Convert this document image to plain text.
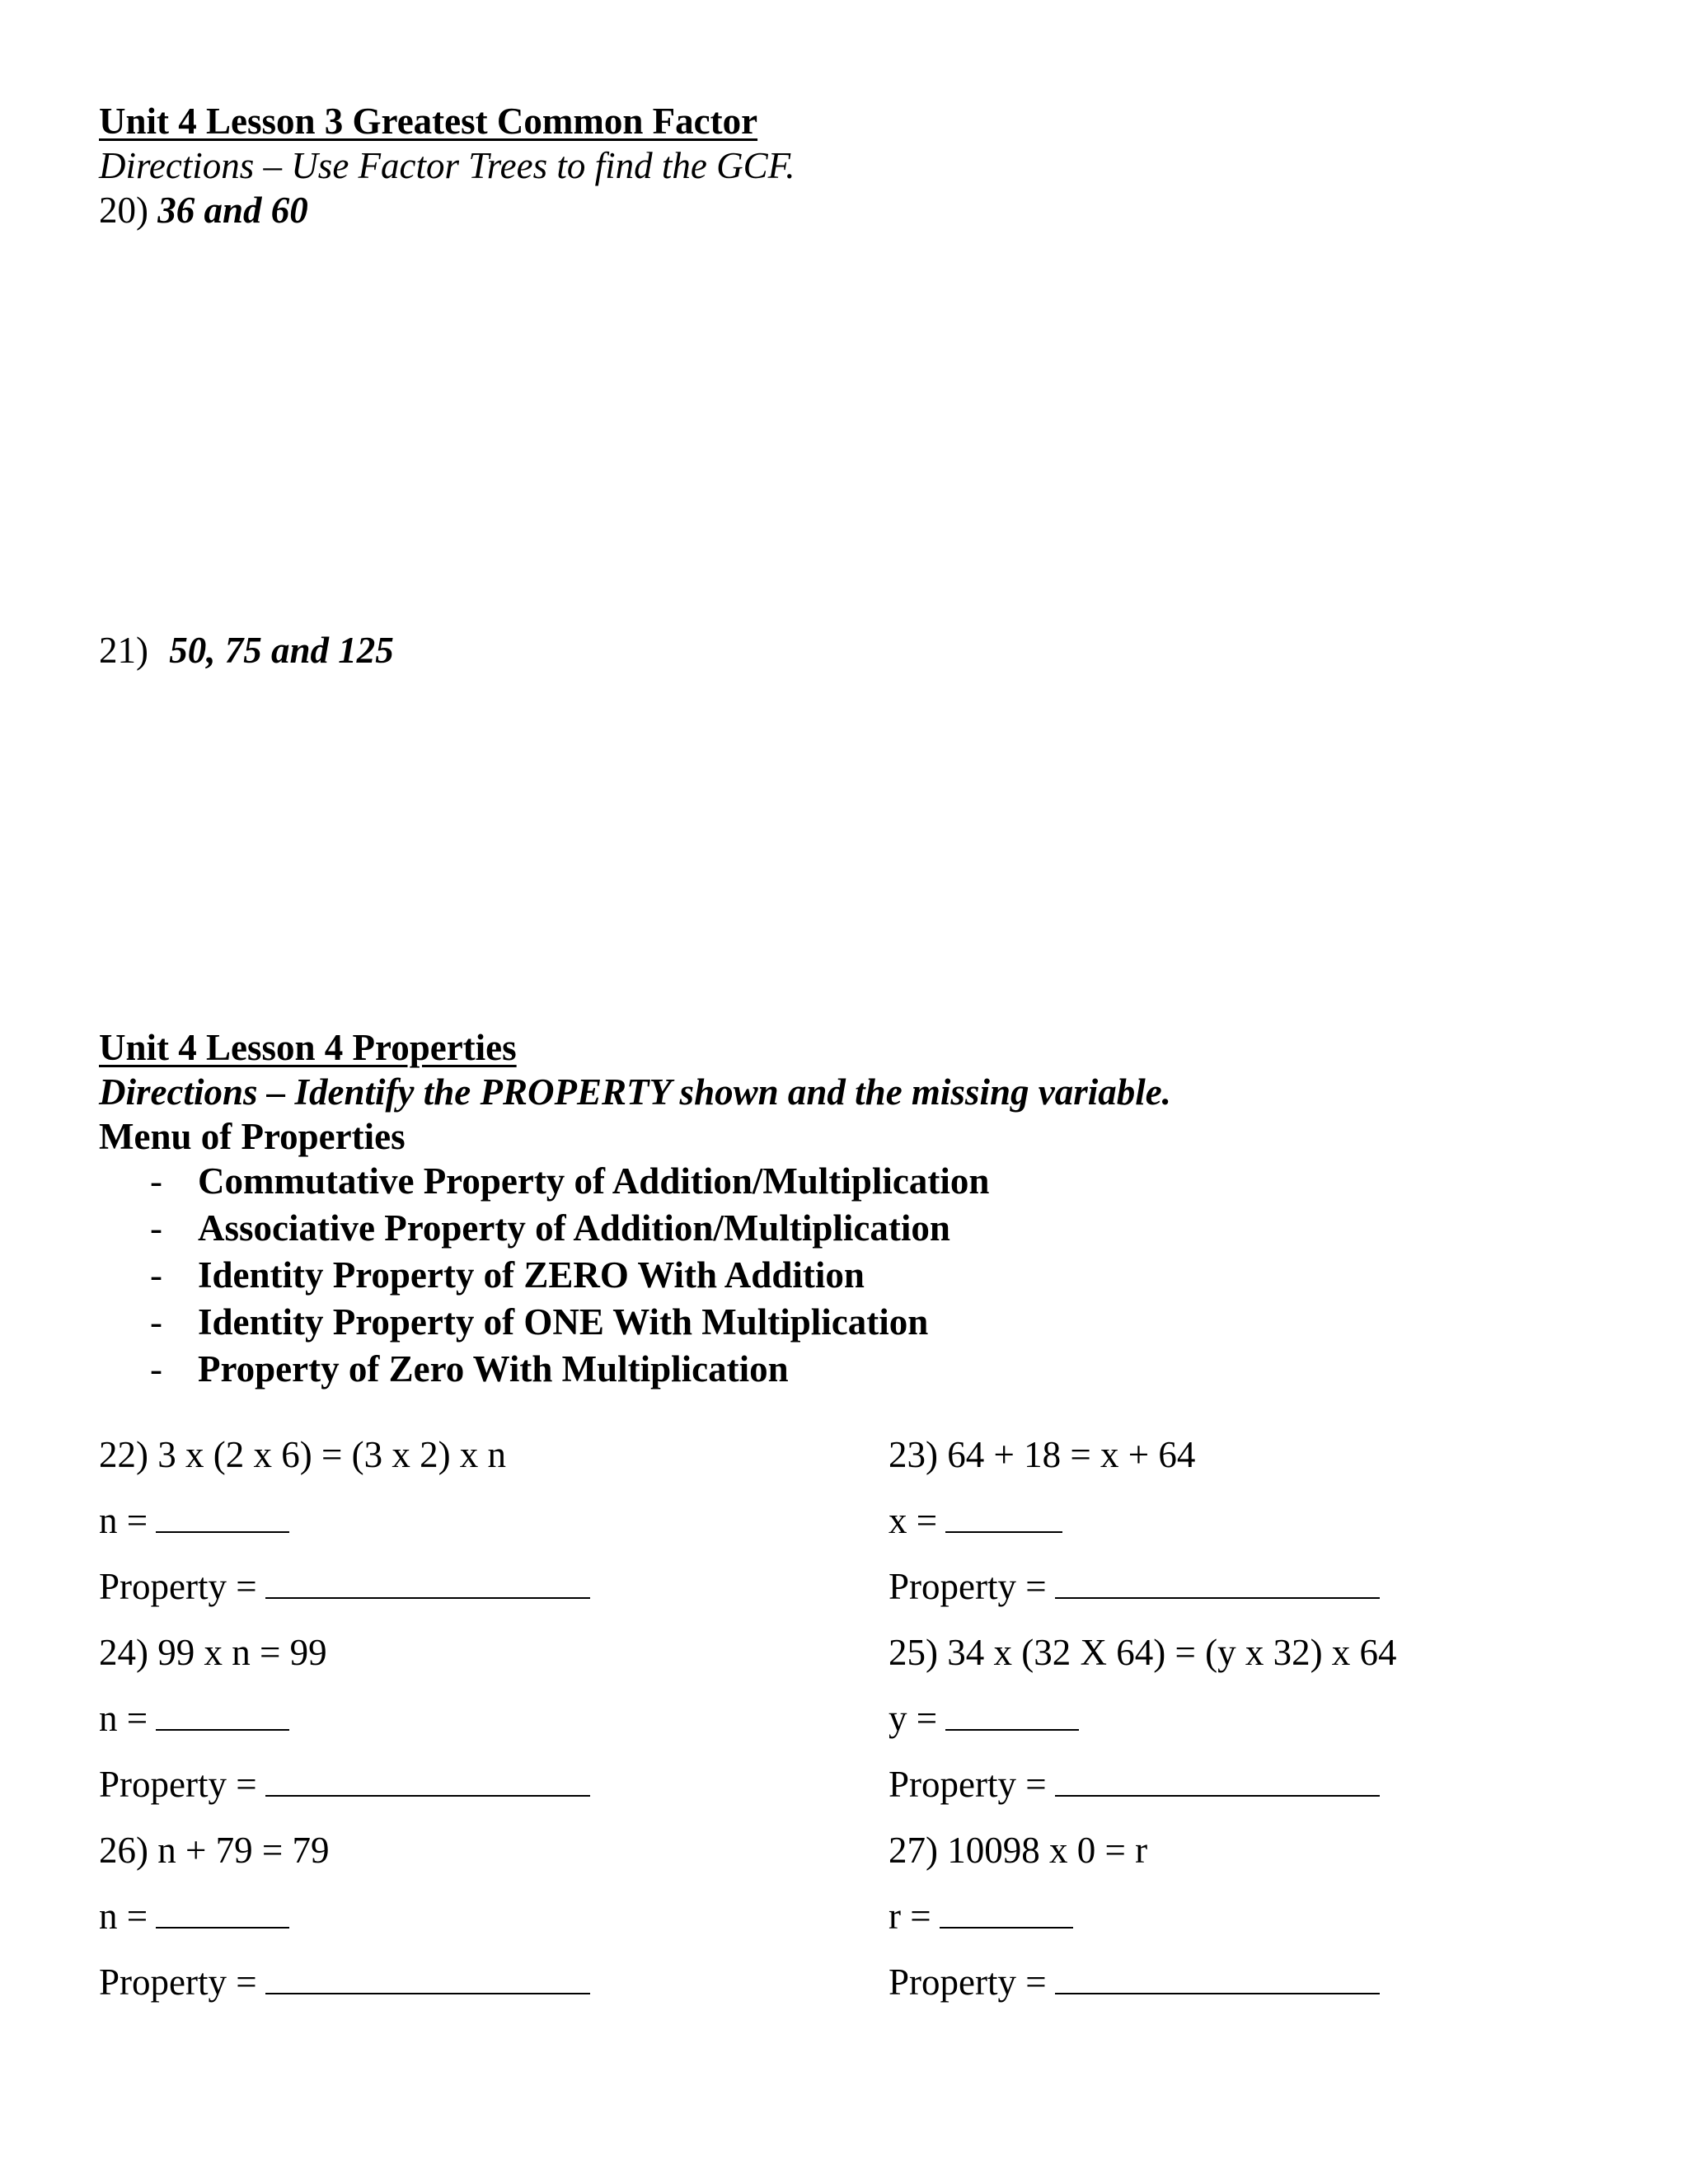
Unit 4 Lesson 3 Greatest Common Factor
Directions – Use Factor Trees to find the GCF.
20) 36 and 60
21) 50, 75 and 125
Unit 4 Lesson 4 Properties
Directions – Identify the PROPERTY shown and the missing variable.
Menu of Properties
- Commutative Property of Addition/Multiplication
- Associative Property of Addition/Multiplication
- Identity Property of ZERO With Addition
- Identity Property of ONE With Multiplication
- Property of Zero With Multiplication
22) 3 x (2 x 6) = (3 x 2) x n	23) 64 + 18 = x + 64
n =	x =
Property =	Property =
24) 99 x n = 99	25) 34 x (32 X 64) = (y x 32) x 64
n =	y =
Property =	Property =
26) n + 79 = 79	27) 10098 x 0 = r
n =	r =
Property =	Property =
